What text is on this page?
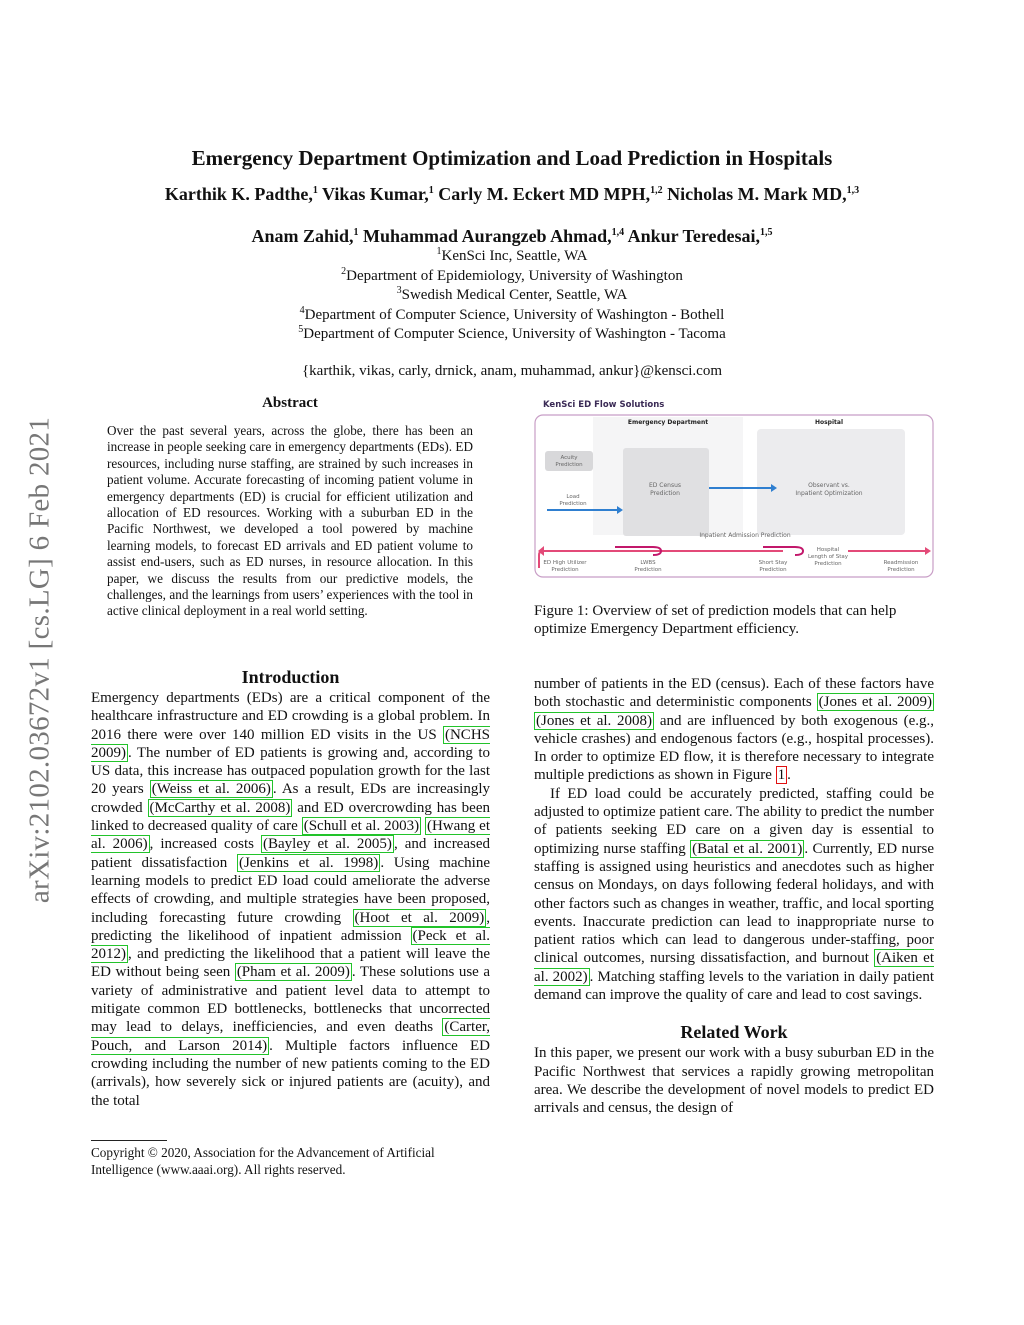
arXiv:2102.03672v1 [cs.LG] 6 Feb 2021
Emergency Department Optimization and Load Prediction in Hospitals
Karthik K. Padthe,$^1$ Vikas Kumar,$^1$ Carly M. Eckert MD MPH,$^{1,2}$ Nicholas M. Mark MD,$^{1,3}$
Anam Zahid,$^1$ Muhammad Aurangzeb Ahmad,$^{1,4}$ Ankur Teredesai,$^{1,5}$
$^1$KenSci Inc, Seattle, WA
$^2$Department of Epidemiology, University of Washington
$^3$Swedish Medical Center, Seattle, WA
$^4$Department of Computer Science, University of Washington - Bothell
$^5$Department of Computer Science, University of Washington - Tacoma
{karthik, vikas, carly, drnick, anam, muhammad, ankur}@kensci.com
Abstract

Over the past several years, across the globe, there has been an increase in people seeking care in emergency departments (EDs). ED resources, including nurse staffing, are strained by such increases in patient volume. Accurate forecasting of incoming patient volume in emergency departments (ED) is crucial for efficient utilization and allocation of ED resources. Working with a suburban ED in the Pacific Northwest, we developed a tool powered by machine learning models, to forecast ED arrivals and ED patient volume to assist end-users, such as ED nurses, in resource allocation. In this paper, we discuss the results from our predictive models, the challenges, and the learnings from users’ experiences with the tool in active clinical deployment in a real world setting.

KenSci ED Flow Solutions
Emergency Department	Hospital
Acuity
Prediction
Load
Prediction
ED Census
Prediction
Observant vs.
Inpatient Optimization
Inpatient Admission Prediction
ED High Utilizer
Prediction
LWBS
Prediction
Short Stay
Prediction
Hospital
Length of Stay
Prediction	Readmission
Prediction
Figure 1: Overview of set of prediction models that can help optimize Emergency Department efficiency.
Introduction

Emergency departments (EDs) are a critical component of the healthcare infrastructure and ED crowding is a global problem. In 2016 there were over 140 million ED visits in the US (NCHS 2009) . The number of ED patients is growing and, according to US data, this increase has outpaced population growth for the last 20 years (Weiss et al. 2006) . As a result, EDs are increasingly crowded (McCarthy et al. 2008) and ED overcrowding has been linked to decreased quality of care (Schull et al. 2003) (Hwang et al. 2006) , increased costs (Bayley et al. 2005) , and increased patient dissatisfaction (Jenkins et al. 1998) . Using machine learning models to predict ED load could ameliorate the adverse effects of crowding, and multiple strategies have been proposed, including forecasting future crowding (Hoot et al. 2009) , predicting the likelihood of inpatient admission (Peck et al. 2012) , and predicting the likelihood that a patient will leave the ED without being seen (Pham et al. 2009) . These solutions use a variety of administrative and patient level data to attempt to mitigate common ED bottlenecks, bottlenecks that uncorrected may lead to delays, inefficiencies, and even deaths (Carter, Pouch, and Larson 2014) . Multiple factors influence ED crowding including the number of new patients coming to the ED (arrivals), how severely sick or injured patients are (acuity), and the total

Copyright © 2020, Association for the Advancement of Artificial Intelligence (www.aaai.org). All rights reserved.

number of patients in the ED (census). Each of these factors have both stochastic and deterministic components (Jones et al. 2009) (Jones et al. 2008) and are influenced by both exogenous (e.g., vehicle crashes) and endogenous factors (e.g., hospital processes). In order to optimize ED flow, it is therefore necessary to integrate multiple predictions as shown in Figure 1 .

If ED load could be accurately predicted, staffing could be adjusted to optimize patient care. The ability to predict the number of patients seeking ED care on a given day is essential to optimizing nurse staffing (Batal et al. 2001) . Currently, ED nurse staffing is assigned using heuristics and anecdotes such as higher census on Mondays, on days following federal holidays, and with other factors such as changes in weather, traffic, and local sporting events. Inaccurate prediction can lead to inappropriate nurse to patient ratios which can lead to dangerous under-staffing, poor clinical outcomes, nursing dissatisfaction, and burnout (Aiken et al. 2002) . Matching staffing levels to the variation in daily patient demand can improve the quality of care and lead to cost savings.

Related Work

In this paper, we present our work with a busy suburban ED in the Pacific Northwest that services a rapidly growing metropolitan area. We describe the development of novel models to predict ED arrivals and census, the design of
